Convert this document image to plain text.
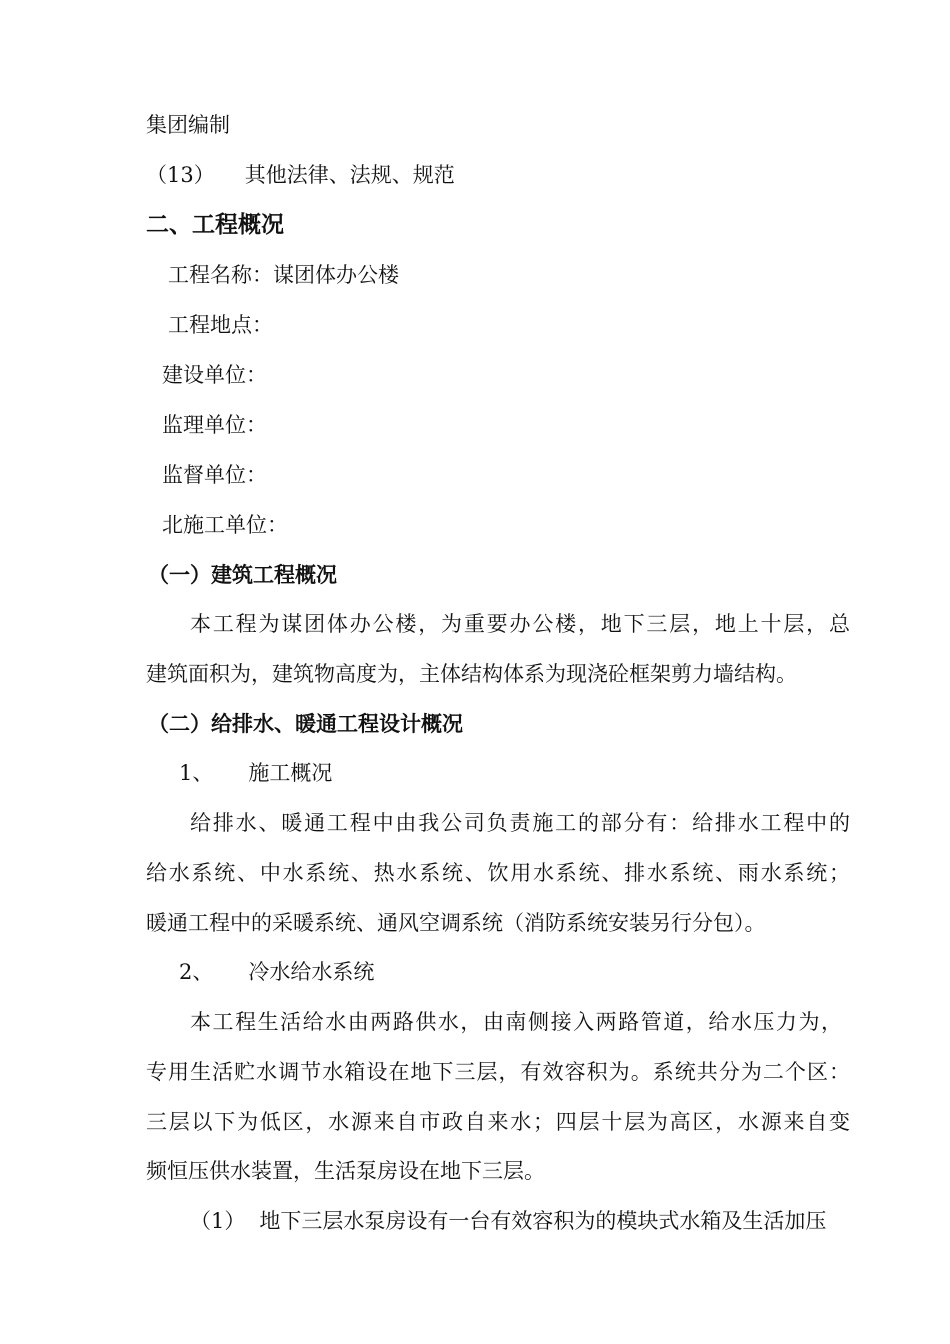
集团编制
（13） 其他法律、法规、规范
二、工程概况
工程名称：谋团体办公楼
工程地点：
建设单位：
监理单位：
监督单位：
北施工单位：
（一）建筑工程概况
本工程为谋团体办公楼，为重要办公楼，地下三层，地上十层，总
建筑面积为，建筑物高度为，主体结构体系为现浇砼框架剪力墙结构。
（二）给排水、暖通工程设计概况
1、 施工概况
给排水、暖通工程中由我公司负责施工的部分有：给排水工程中的
给水系统、中水系统、热水系统、饮用水系统、排水系统、雨水系统；
暖通工程中的采暖系统、通风空调系统（消防系统安装另行分包）。
2、 冷水给水系统
本工程生活给水由两路供水，由南侧接入两路管道，给水压力为，
专用生活贮水调节水箱设在地下三层，有效容积为。系统共分为二个区：
三层以下为低区，水源来自市政自来水；四层十层为高区，水源来自变
频恒压供水装置，生活泵房设在地下三层。
（1） 地下三层水泵房设有一台有效容积为的模块式水箱及生活加压
